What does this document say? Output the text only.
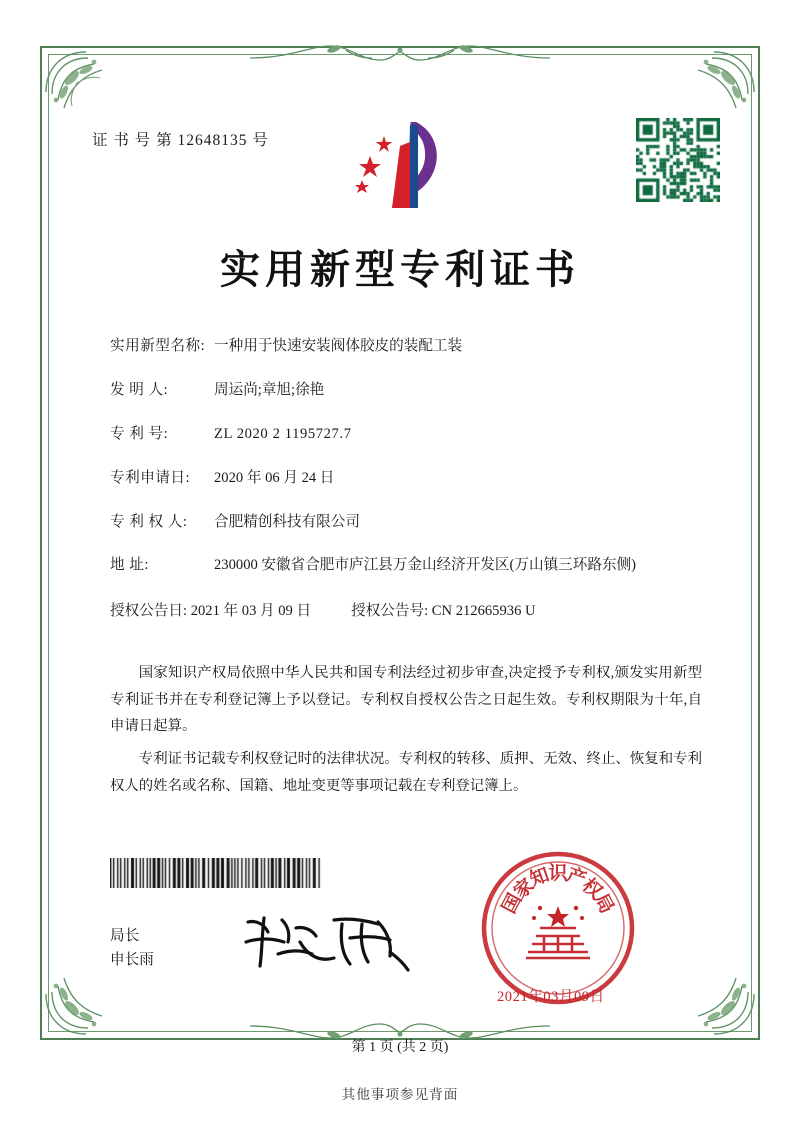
证 书 号 第 12648135 号
实用新型专利证书
实用新型名称: 一种用于快速安装阀体胶皮的装配工装
发 明 人:	周运尚;章旭;徐艳
专 利 号:	ZL 2020 2 1195727.7
专利申请日:	2020 年 06 月 24 日
专 利 权 人:	合肥精创科技有限公司
地 址:	230000 安徽省合肥市庐江县万金山经济开发区(万山镇三环路东侧)
授权公告日: 2021 年 03 月 09 日	授权公告号: CN 212665936 U

国家知识产权局依照中华人民共和国专利法经过初步审查,决定授予专利权,颁发实用新型专利证书并在专利登记簿上予以登记。专利权自授权公告之日起生效。专利权期限为十年,自申请日起算。

专利证书记载专利权登记时的法律状况。专利权的转移、质押、无效、终止、恢复和专利权人的姓名或名称、国籍、地址变更等事项记载在专利登记簿上。

局长
申长雨
国
家
知
识
产
权
局
2021年03月09日
第 1 页 (共 2 页)
其他事项参见背面
